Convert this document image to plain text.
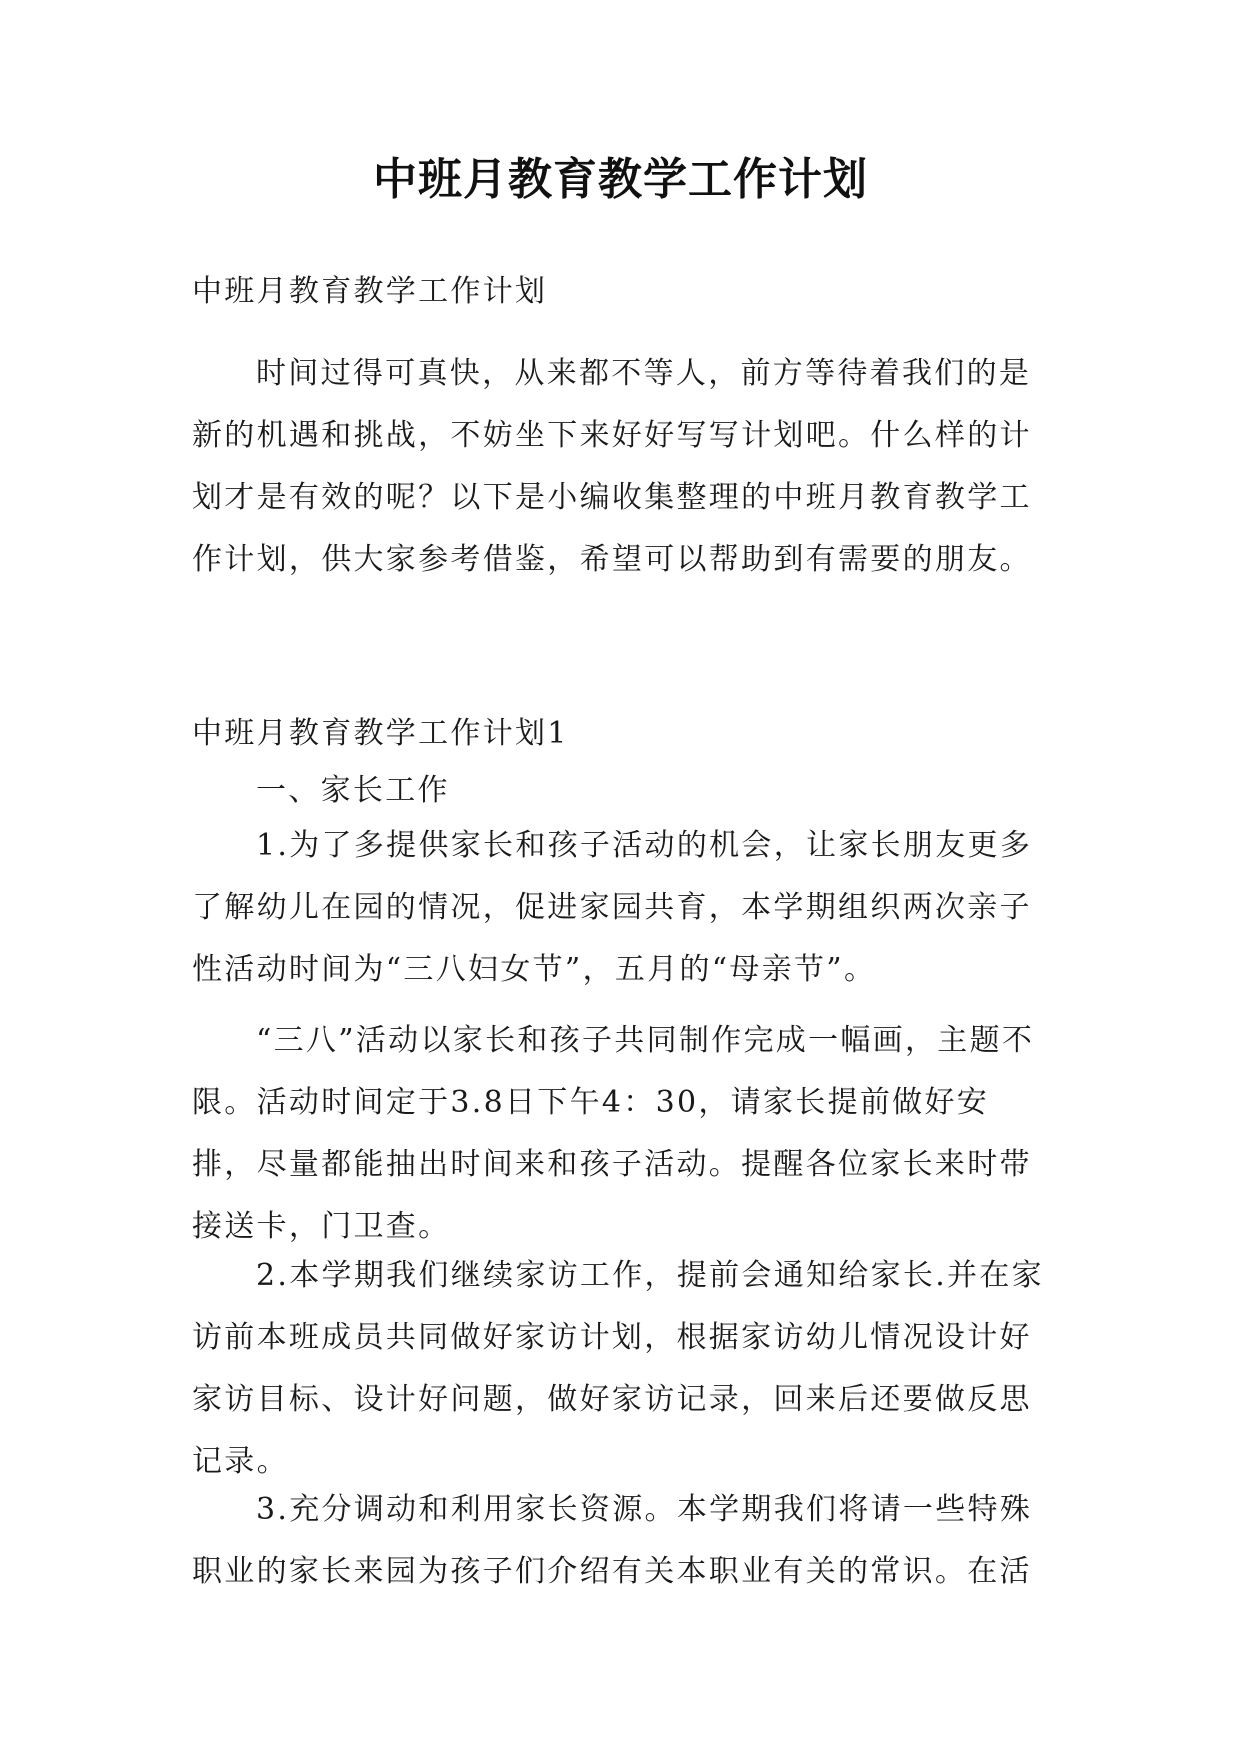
中班月教育教学工作计划

中班月教育教学工作计划

时间过得可真快，从来都不等人，前方等待着我们的是新的机遇和挑战，不妨坐下来好好写写计划吧。什么样的计划才是有效的呢？以下是小编收集整理的中班月教育教学工作计划，供大家参考借鉴，希望可以帮助到有需要的朋友。

中班月教育教学工作计划1

一、家长工作

1.为了多提供家长和孩子活动的机会，让家长朋友更多了解幼儿在园的情况，促进家园共育，本学期组织两次亲子性活动时间为“三八妇女节”，五月的“母亲节”。

“三八”活动以家长和孩子共同制作完成一幅画，主题不限。活动时间定于3.8日下午4：30，请家长提前做好安排，尽量都能抽出时间来和孩子活动。提醒各位家长来时带接送卡，门卫查。

2.本学期我们继续家访工作，提前会通知给家长.并在家访前本班成员共同做好家访计划，根据家访幼儿情况设计好家访目标、设计好问题，做好家访记录，回来后还要做反思记录。

3.充分调动和利用家长资源。本学期我们将请一些特殊职业的家长来园为孩子们介绍有关本职业有关的常识。在活
